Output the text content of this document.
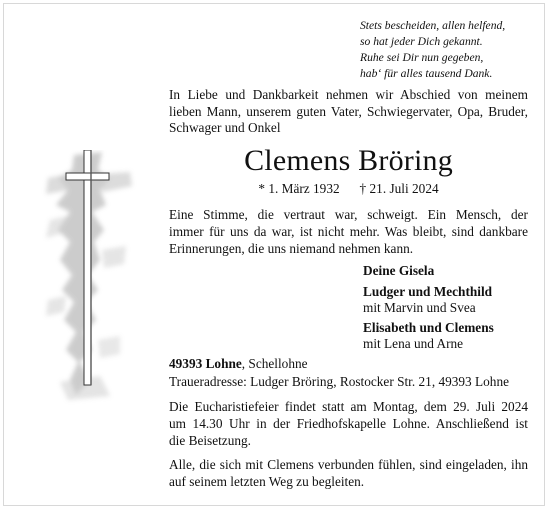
Stets bescheiden, allen helfend,
so hat jeder Dich gekannt.
Ruhe sei Dir nun gegeben,
hab‘ für alles tausend Dank.
In Liebe und Dankbarkeit nehmen wir Abschied von meinem
lieben Mann, unserem guten Vater, Schwiegervater, Opa, Bruder,
Schwager und Onkel
Clemens Bröring
* 1. März 1932      † 21. Juli 2024
Eine Stimme, die vertraut war, schweigt. Ein Mensch, der
immer für uns da war, ist nicht mehr. Was bleibt, sind dankbare
Erinnerungen, die uns niemand nehmen kann.
Deine Gisela
Ludger und Mechthild
mit Marvin und Svea
Elisabeth und Clemens
mit Lena und Arne
49393 Lohne, Schellohne
Traueradresse: Ludger Bröring, Rostocker Str. 21, 49393 Lohne
Die Eucharistiefeier findet statt am Montag, dem 29. Juli 2024
um 14.30 Uhr in der Friedhofskapelle Lohne. Anschließend ist
die Beisetzung.
Alle, die sich mit Clemens verbunden fühlen, sind eingeladen, ihn
auf seinem letzten Weg zu begleiten.
